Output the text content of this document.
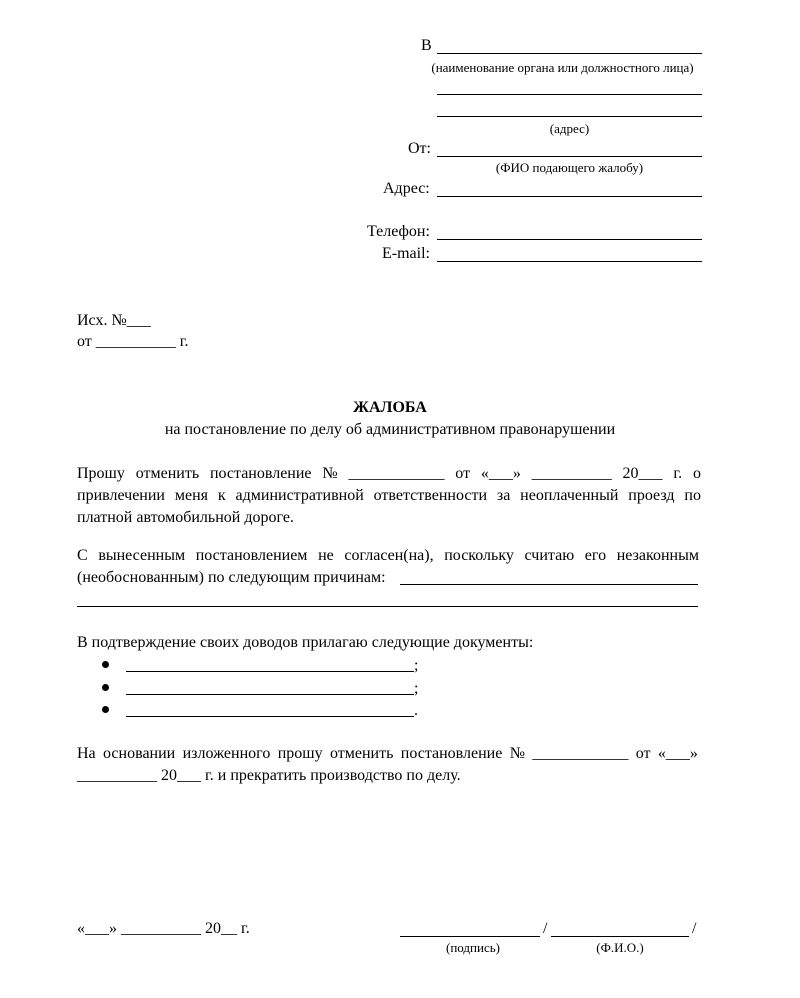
В
(наименование органа или должностного лица)
(адрес)
От:
(ФИО подающего жалобу)
Адрес:
Телефон:
E-mail:
Исх. №___
от __________ г.
ЖАЛОБА
на постановление по делу об административном правонарушении
Прошу отменить постановление № ____________ от «___» __________ 20___ г. о
привлечении меня к административной ответственности за неоплаченный проезд по
платной автомобильной дороге.
С вынесенным постановлением не согласен(на), поскольку считаю его незаконным
(необоснованным) по следующим причинам:
В подтверждение своих доводов прилагаю следующие документы:
;
;
.
На основании изложенного прошу отменить постановление № ____________ от «___»
__________ 20___ г. и прекратить производство по делу.
«___» __________ 20__ г.	/	/
(подпись)	(Ф.И.О.)
